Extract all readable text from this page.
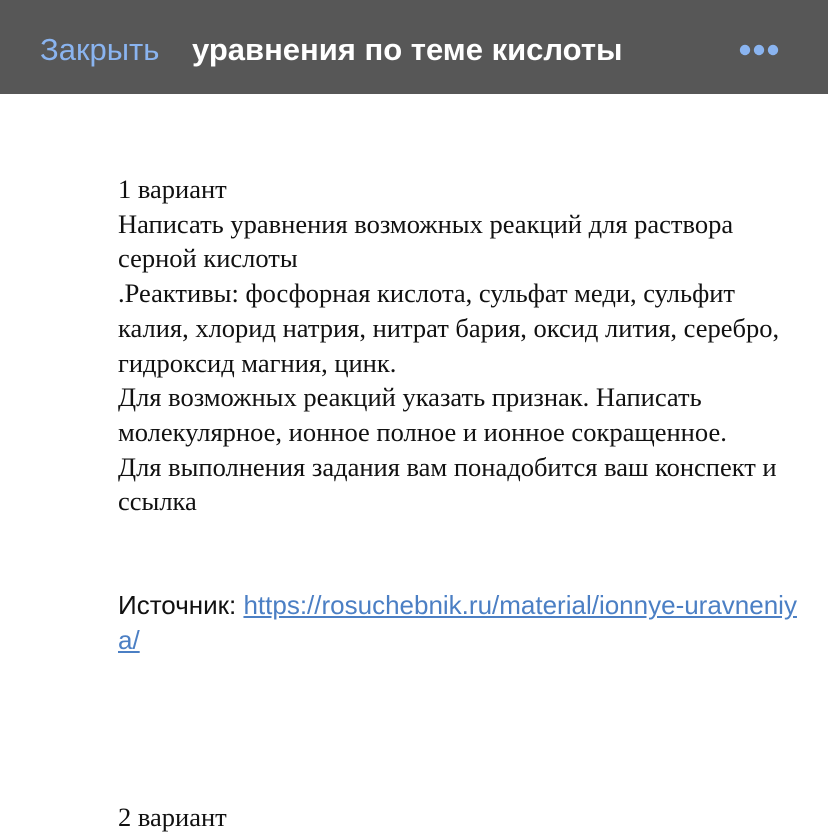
Закрыть уравнения по теме кислоты

1 вариант

Написать уравнения возможных реакций для раствора серной кислоты

.Реактивы: фосфорная кислота, сульфат меди, сульфит калия, хлорид натрия, нитрат бария, оксид лития, серебро, гидроксид магния, цинк.

Для возможных реакций указать признак. Написать молекулярное, ионное полное и ионное сокращенное.

Для выполнения задания вам понадобится ваш конспект и ссылка

Источник: https://rosuchebnik.ru/material/ionnye-uravneniya/
2 вариант
